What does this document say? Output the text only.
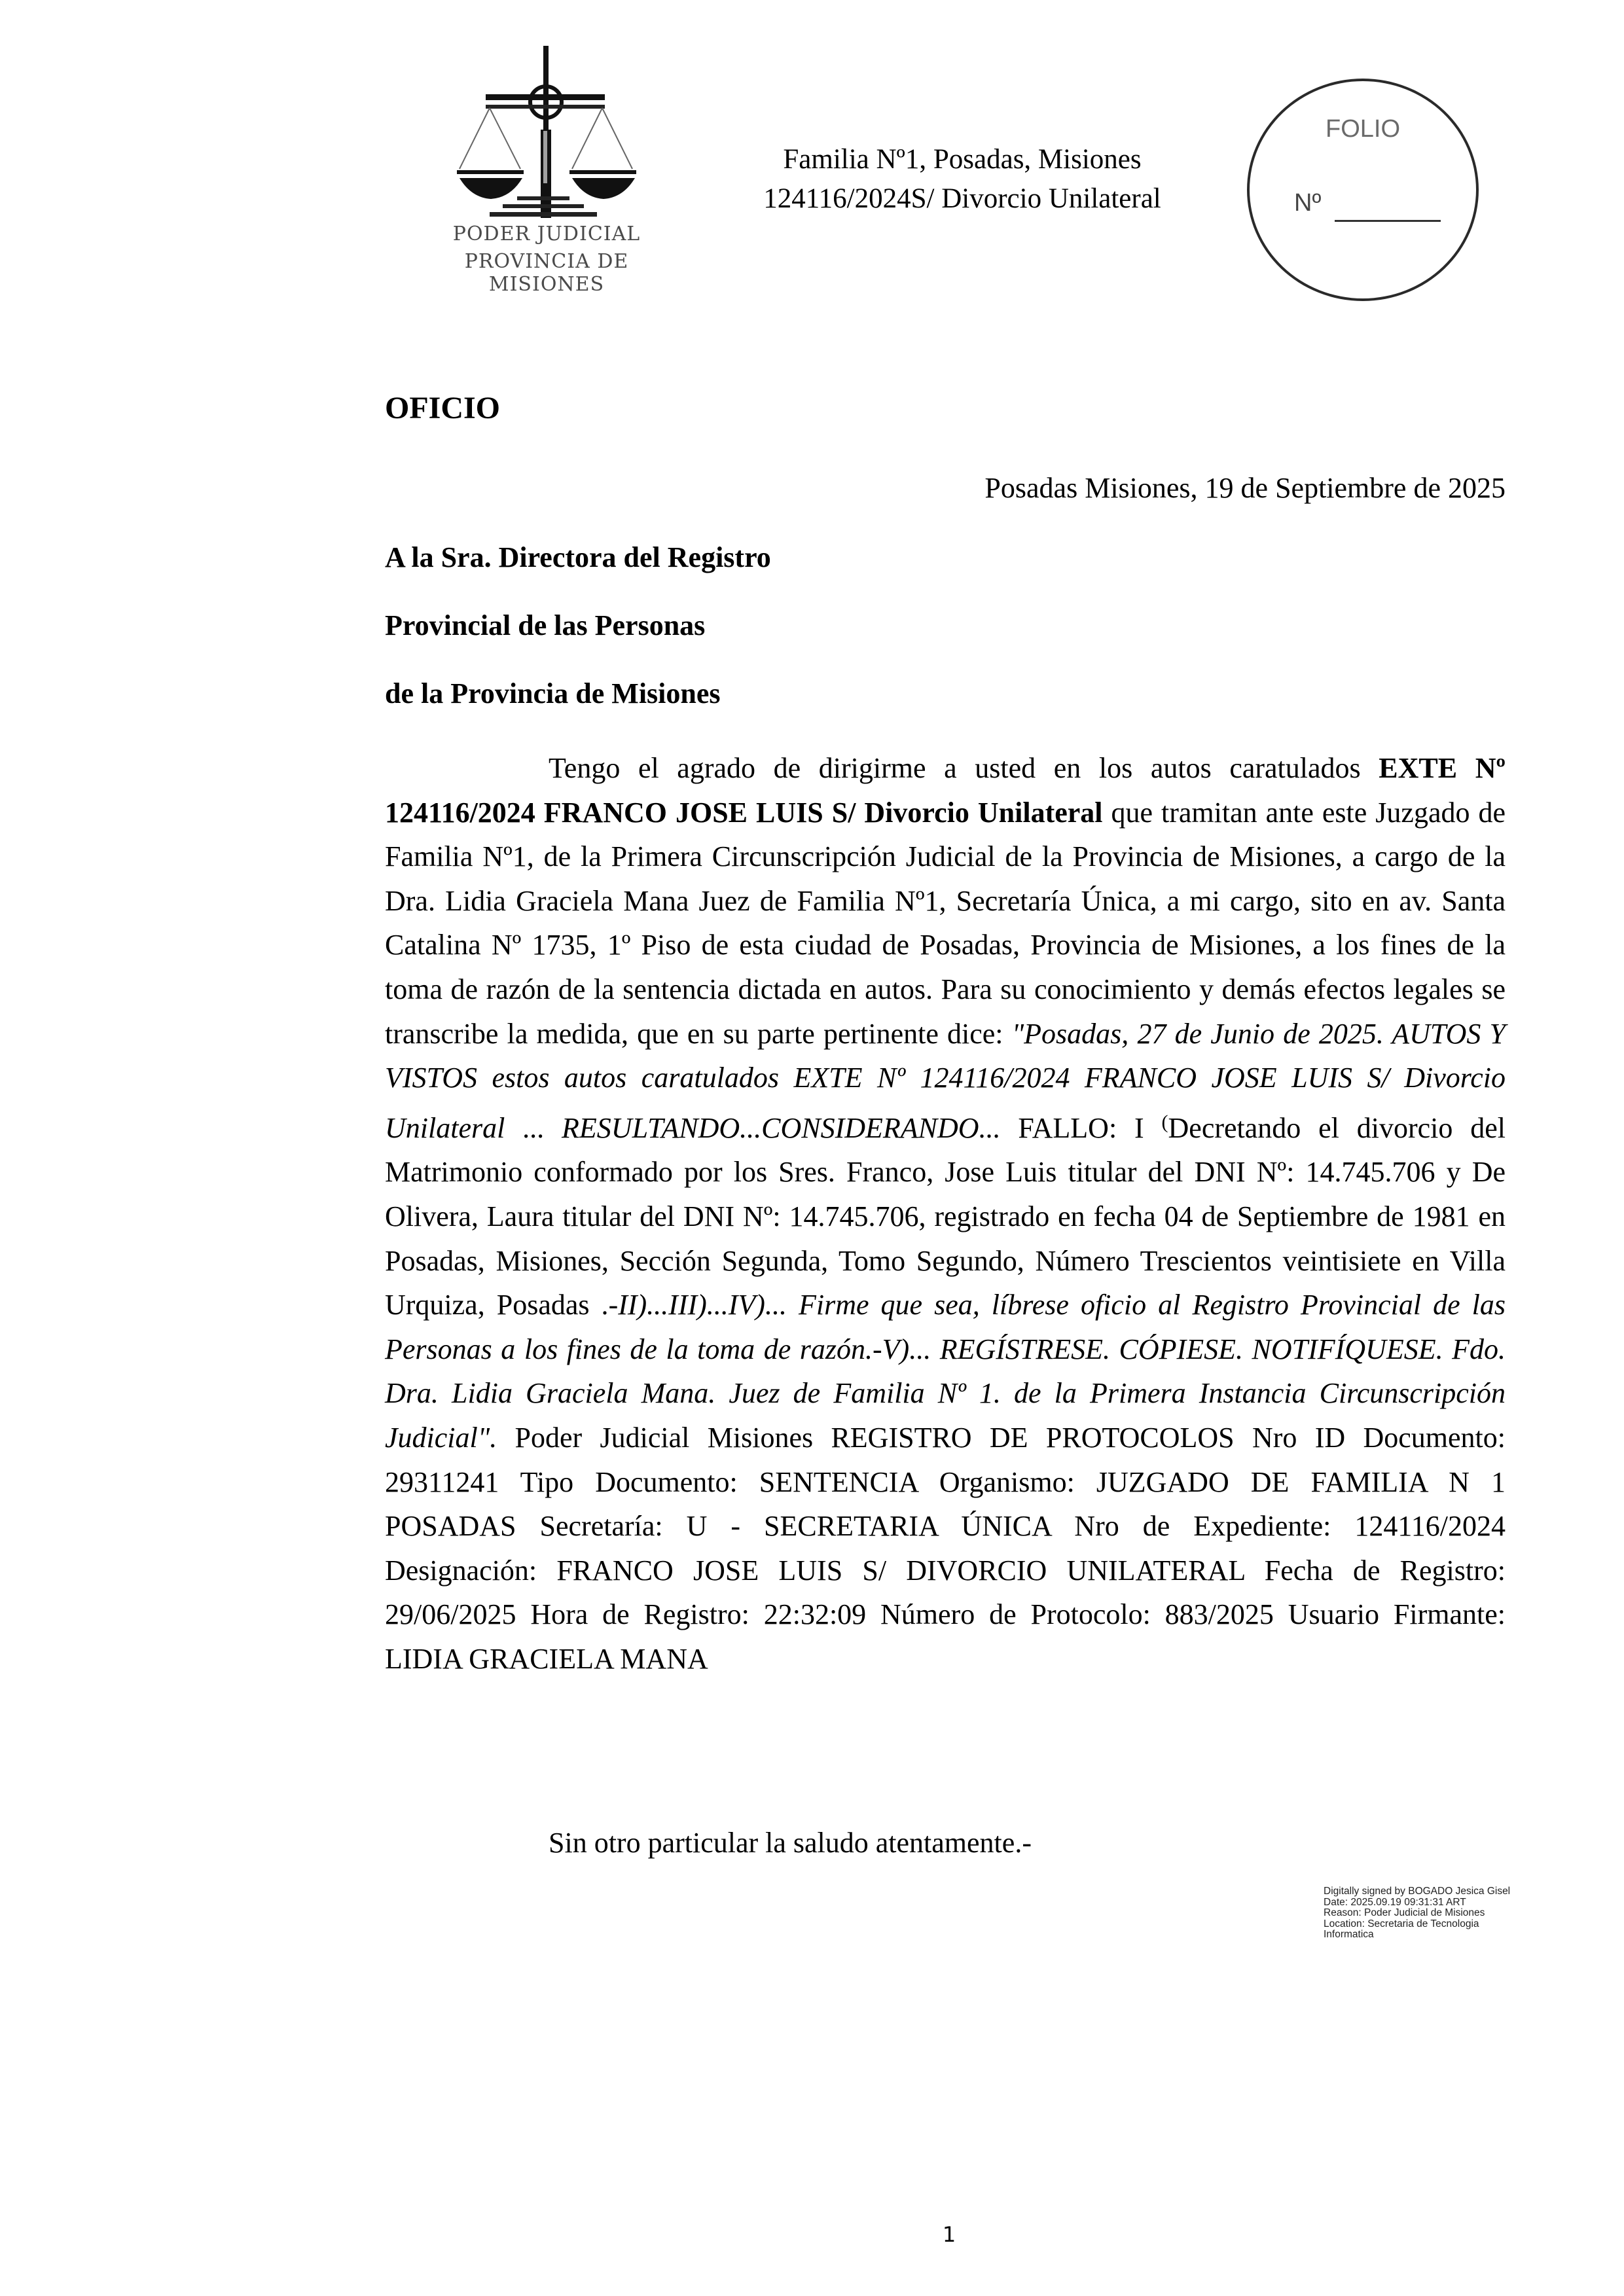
PODER JUDICIAL
PROVINCIA DE MISIONES
Familia Nº1, Posadas, Misiones
124116/2024S/ Divorcio Unilateral
FOLIO
Nº
OFICIO
Posadas Misiones, 19 de Septiembre de 2025
A la Sra. Directora del Registro
Provincial de las Personas
de la Provincia de Misiones

Tengo el agrado de dirigirme a usted en los autos caratulados EXTE Nº 124116/2024 FRANCO JOSE LUIS S/ Divorcio Unilateral que tramitan ante este Juzgado de Familia Nº1, de la Primera Circunscripción Judicial de la Provincia de Misiones, a cargo de la Dra. Lidia Graciela Mana Juez de Familia Nº1, Secretaría Única, a mi cargo, sito en av. Santa Catalina Nº 1735, 1º Piso de esta ciudad de Posadas, Provincia de Misiones, a los fines de la toma de razón de la sentencia dictada en autos. Para su conocimiento y demás efectos legales se transcribe la medida, que en su parte pertinente dice: "Posadas, 27 de Junio de 2025. AUTOS Y VISTOS estos autos caratulados EXTE Nº 124116/2024 FRANCO JOSE LUIS S/ Divorcio Unilateral ... RESULTANDO...CONSIDERANDO... FALLO: I (Decretando el divorcio del Matrimonio conformado por los Sres. Franco, Jose Luis titular del DNI Nº: 14.745.706 y De Olivera, Laura titular del DNI Nº: 14.745.706, registrado en fecha 04 de Septiembre de 1981 en Posadas, Misiones, Sección Segunda, Tomo Segundo, Número Trescientos veintisiete en Villa Urquiza, Posadas .-II)...III)...IV)... Firme que sea, líbrese oficio al Registro Provincial de las Personas a los fines de la toma de razón.-V)... REGÍSTRESE. CÓPIESE. NOTIFÍQUESE. Fdo. Dra. Lidia Graciela Mana. Juez de Familia Nº 1. de la Primera Instancia Circunscripción Judicial". Poder Judicial Misiones REGISTRO DE PROTOCOLOS Nro ID Documento: 29311241 Tipo Documento: SENTENCIA Organismo: JUZGADO DE FAMILIA N 1 POSADAS Secretaría: U - SECRETARIA ÚNICA Nro de Expediente: 124116/2024 Designación: FRANCO JOSE LUIS S/ DIVORCIO UNILATERAL Fecha de Registro: 29/06/2025 Hora de Registro: 22:32:09 Número de Protocolo: 883/2025 Usuario Firmante: LIDIA GRACIELA MANA

Sin otro particular la saludo atentamente.-
Digitally signed by BOGADO Jesica Gisel
Date: 2025.09.19 09:31:31 ART
Reason: Poder Judicial de Misiones
Location: Secretaria de Tecnologia
Informatica
1
